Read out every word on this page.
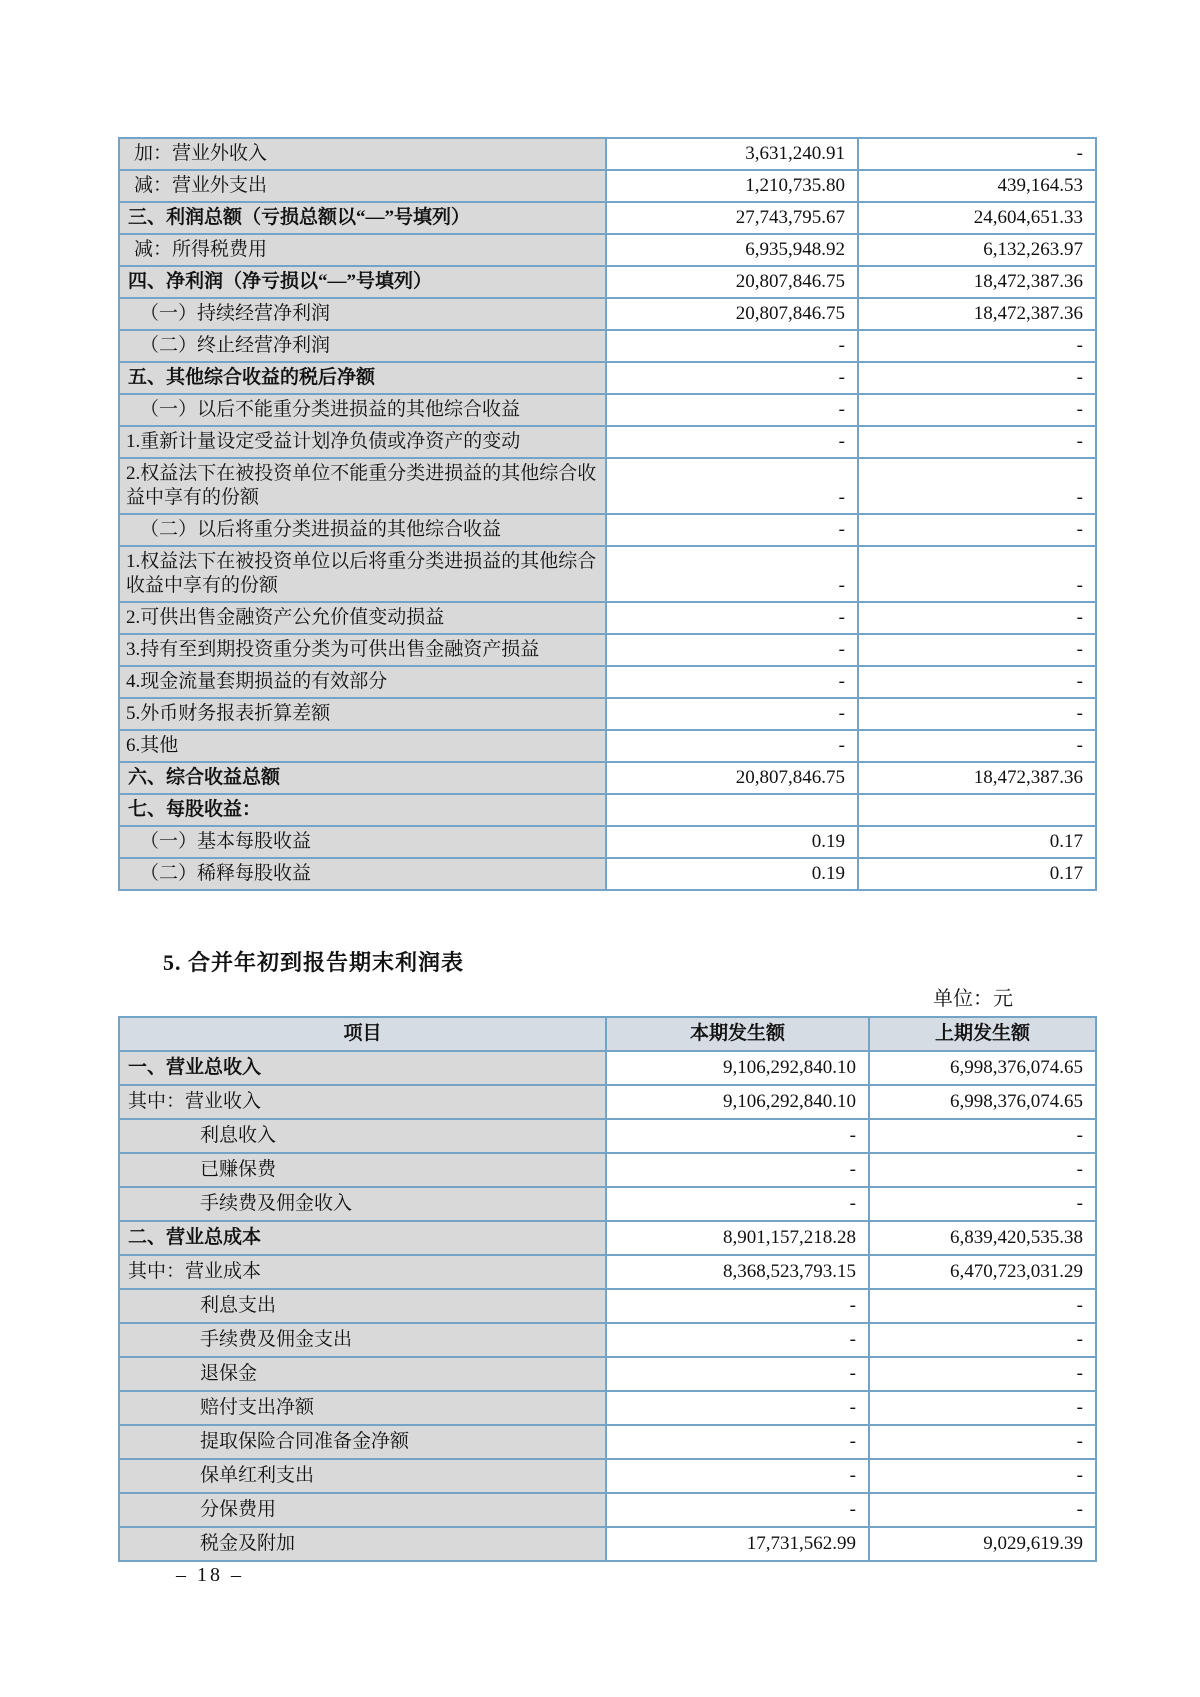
加：营业外收入	3,631,240.91	-
减：营业外支出	1,210,735.80	439,164.53
三、利润总额（亏损总额以“—”号填列）	27,743,795.67	24,604,651.33
减：所得税费用	6,935,948.92	6,132,263.97
四、净利润（净亏损以“—”号填列）	20,807,846.75	18,472,387.36
（一）持续经营净利润	20,807,846.75	18,472,387.36
（二）终止经营净利润	-	-
五、其他综合收益的税后净额	-	-
（一）以后不能重分类进损益的其他综合收益	-	-
1.重新计量设定受益计划净负债或净资产的变动	-	-
2.权益法下在被投资单位不能重分类进损益的其他综合收益中享有的份额	-	-
（二）以后将重分类进损益的其他综合收益	-	-
1.权益法下在被投资单位以后将重分类进损益的其他综合收益中享有的份额	-	-
2.可供出售金融资产公允价值变动损益	-	-
3.持有至到期投资重分类为可供出售金融资产损益	-	-
4.现金流量套期损益的有效部分	-	-
5.外币财务报表折算差额	-	-
6.其他	-	-
六、综合收益总额	20,807,846.75	18,472,387.36
七、每股收益：		
（一）基本每股收益	0.19	0.17
（二）稀释每股收益	0.19	0.17
5. 合并年初到报告期末利润表
单位：元
项目	本期发生额	上期发生额
一、营业总收入	9,106,292,840.10	6,998,376,074.65
其中：营业收入	9,106,292,840.10	6,998,376,074.65
利息收入	-	-
已赚保费	-	-
手续费及佣金收入	-	-
二、营业总成本	8,901,157,218.28	6,839,420,535.38
其中：营业成本	8,368,523,793.15	6,470,723,031.29
利息支出	-	-
手续费及佣金支出	-	-
退保金	-	-
赔付支出净额	-	-
提取保险合同准备金净额	-	-
保单红利支出	-	-
分保费用	-	-
税金及附加	17,731,562.99	9,029,619.39
– 18 –
